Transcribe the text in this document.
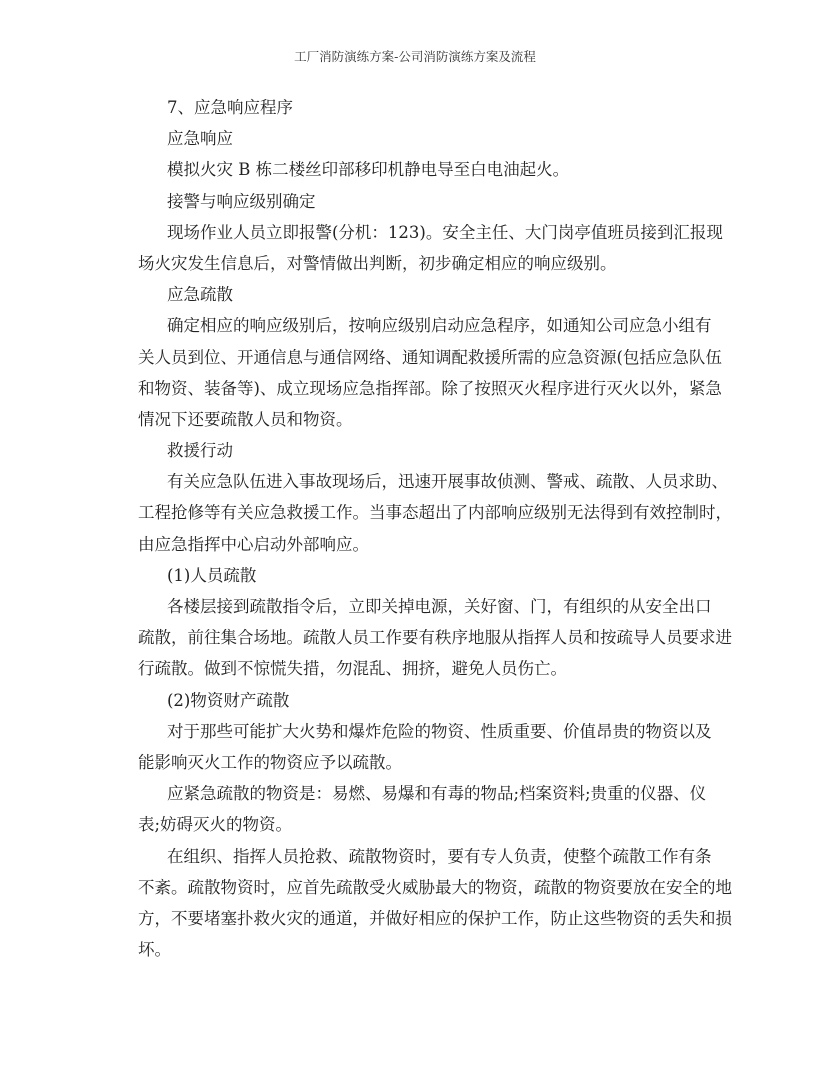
工厂消防演练方案-公司消防演练方案及流程
7、应急响应程序
应急响应
模拟火灾 B 栋二楼丝印部移印机静电导至白电油起火。
接警与响应级别确定
现场作业人员立即报警(分机：123)。安全主任、大门岗亭值班员接到汇报现
场火灾发生信息后，对警情做出判断，初步确定相应的响应级别。
应急疏散
确定相应的响应级别后，按响应级别启动应急程序，如通知公司应急小组有
关人员到位、开通信息与通信网络、通知调配救援所需的应急资源(包括应急队伍
和物资、装备等)、成立现场应急指挥部。除了按照灭火程序进行灭火以外，紧急
情况下还要疏散人员和物资。
救援行动
有关应急队伍进入事故现场后，迅速开展事故侦测、警戒、疏散、人员求助、
工程抢修等有关应急救援工作。当事态超出了内部响应级别无法得到有效控制时，
由应急指挥中心启动外部响应。
(1)人员疏散
各楼层接到疏散指令后，立即关掉电源，关好窗、门，有组织的从安全出口
疏散，前往集合场地。疏散人员工作要有秩序地服从指挥人员和按疏导人员要求进
行疏散。做到不惊慌失措，勿混乱、拥挤，避免人员伤亡。
(2)物资财产疏散
对于那些可能扩大火势和爆炸危险的物资、性质重要、价值昂贵的物资以及
能影响灭火工作的物资应予以疏散。
应紧急疏散的物资是：易燃、易爆和有毒的物品;档案资料;贵重的仪器、仪
表;妨碍灭火的物资。
在组织、指挥人员抢救、疏散物资时，要有专人负责，使整个疏散工作有条
不紊。疏散物资时，应首先疏散受火威胁最大的物资，疏散的物资要放在安全的地
方，不要堵塞扑救火灾的通道，并做好相应的保护工作，防止这些物资的丢失和损
坏。
